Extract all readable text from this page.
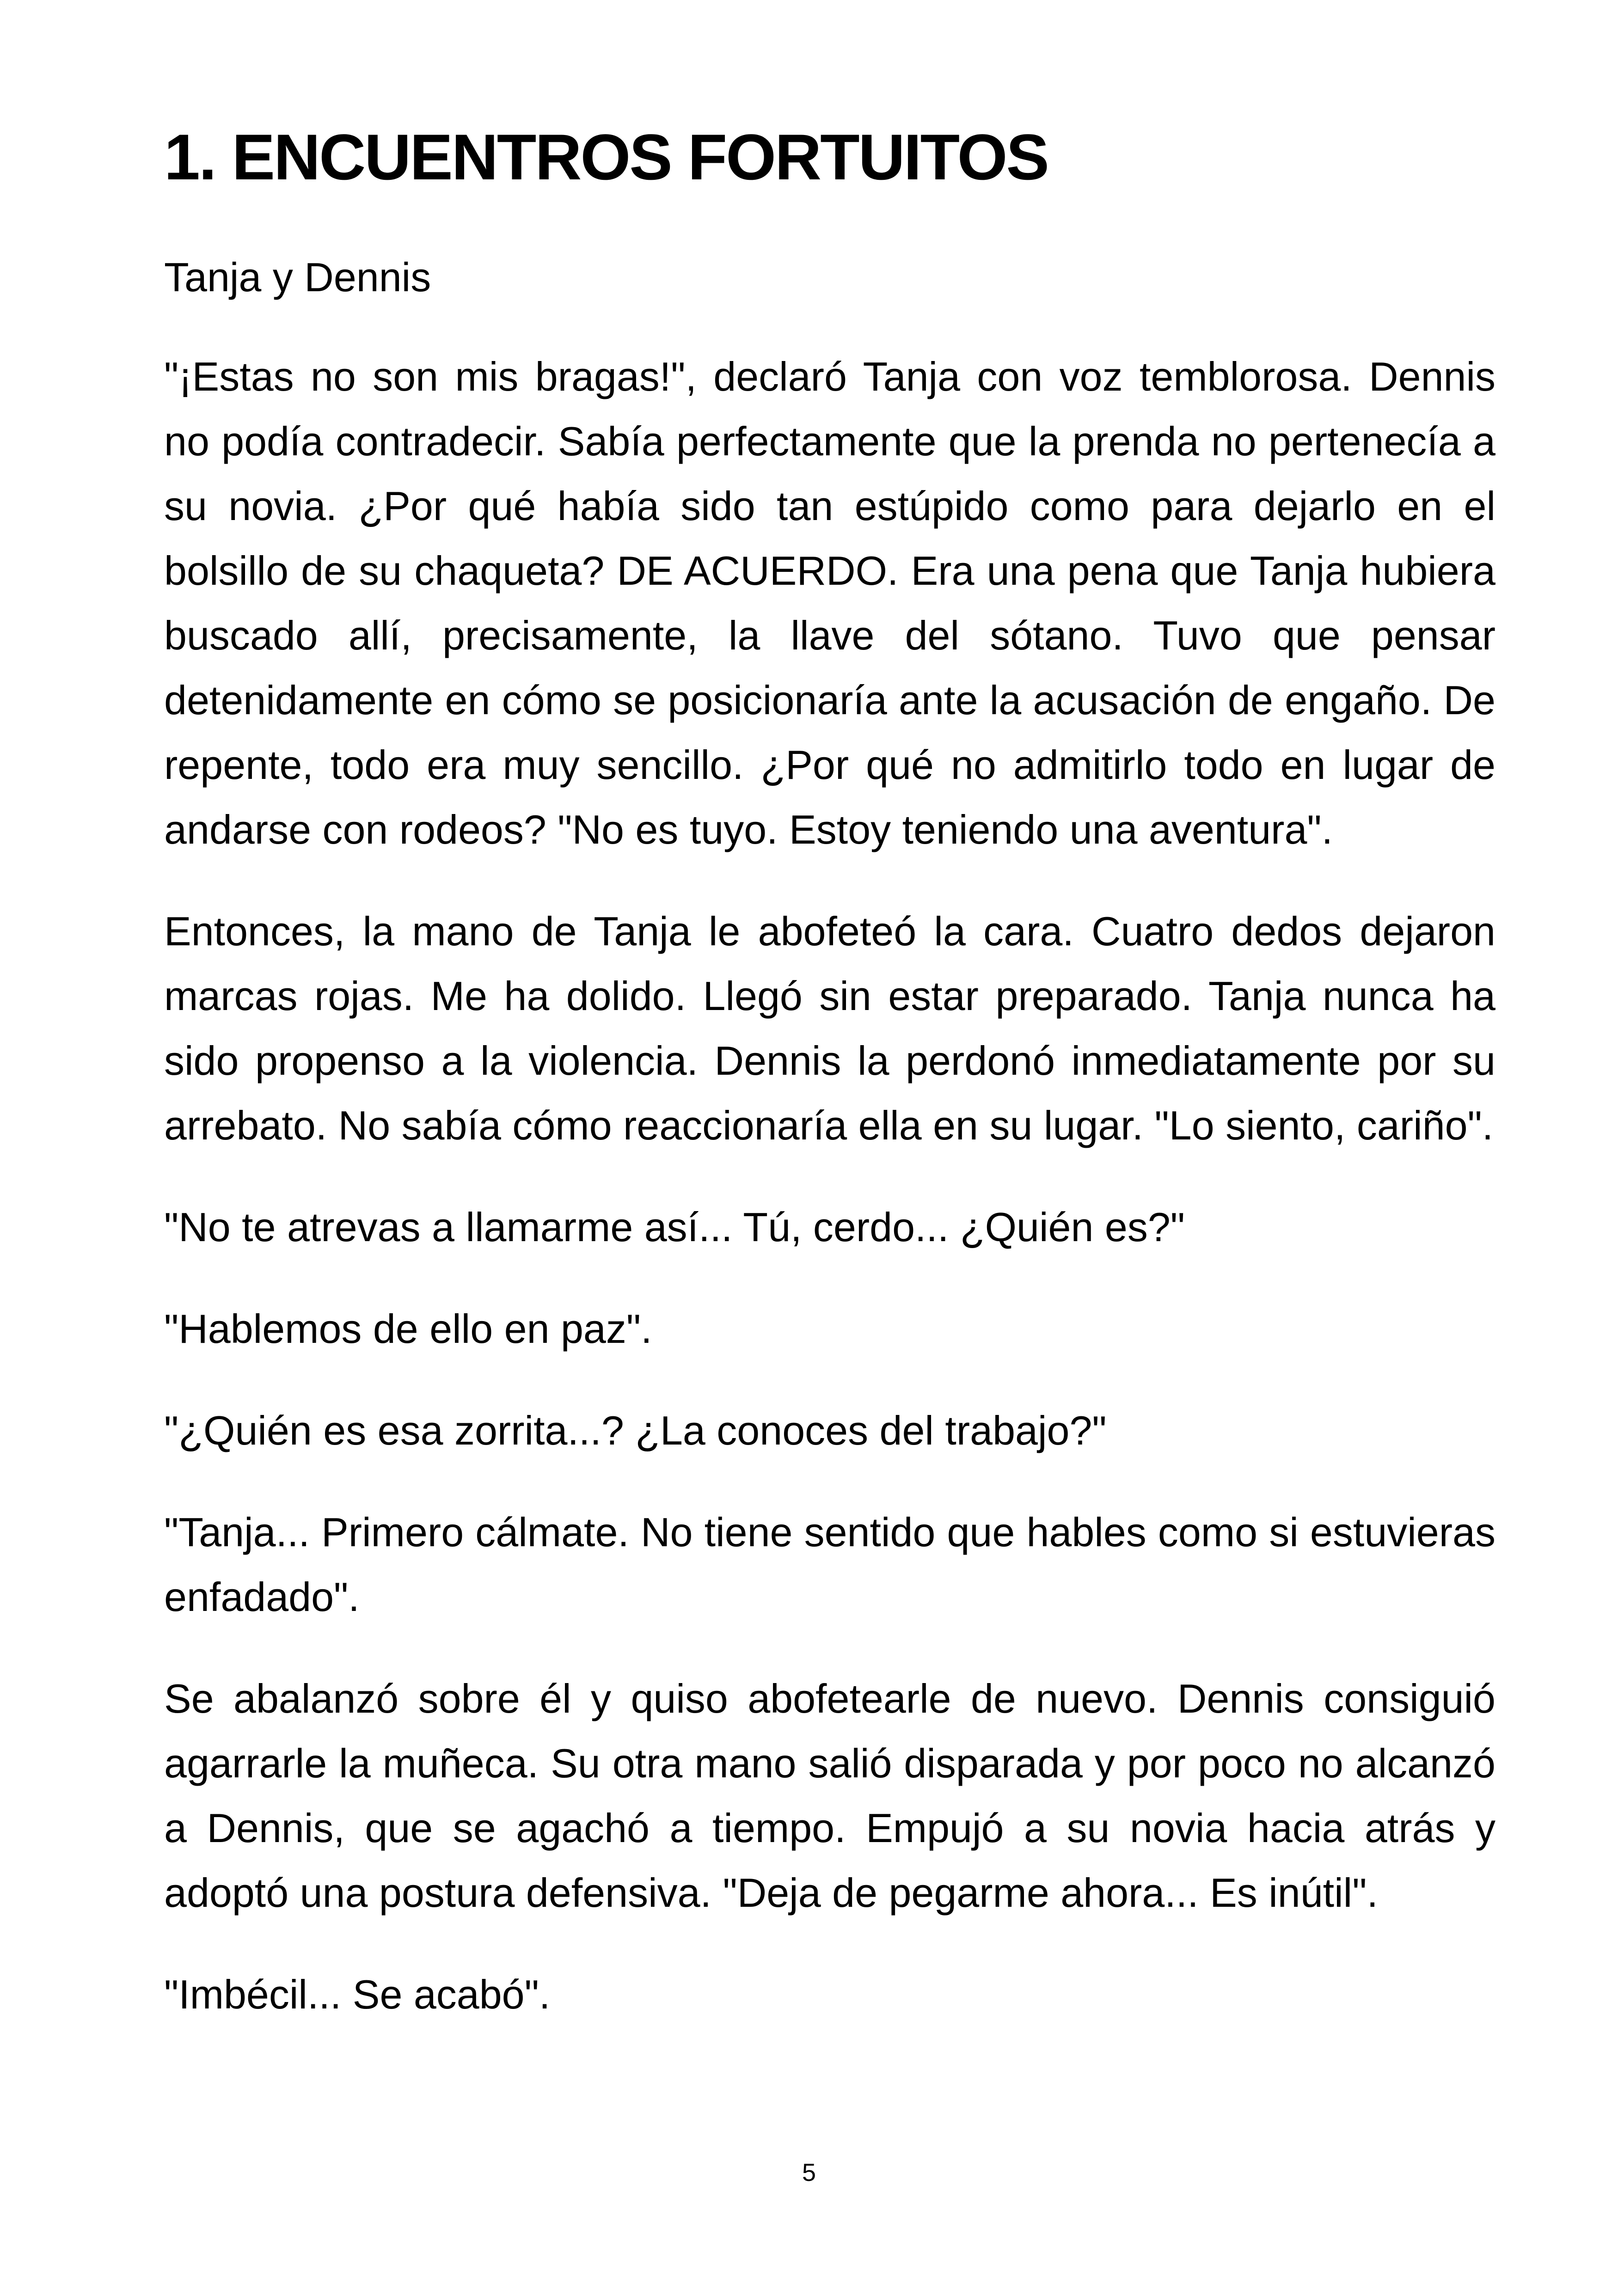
1. ENCUENTROS FORTUITOS

Tanja y Dennis

"¡Estas no son mis bragas!", declaró Tanja con voz temblorosa. Dennis no podía contradecir. Sabía perfectamente que la prenda no pertenecía a su novia. ¿Por qué había sido tan estúpido como para dejarlo en el bolsillo de su chaqueta? DE ACUERDO. Era una pena que Tanja hubiera buscado allí, precisamente, la llave del sótano. Tuvo que pensar detenidamente en cómo se posicionaría ante la acusación de engaño. De repente, todo era muy sencillo. ¿Por qué no admitirlo todo en lugar de andarse con rodeos? "No es tuyo. Estoy teniendo una aventura".

Entonces, la mano de Tanja le abofeteó la cara. Cuatro dedos dejaron marcas rojas. Me ha dolido. Llegó sin estar preparado. Tanja nunca ha sido propenso a la violencia. Dennis la perdonó inmediatamente por su arrebato. No sabía cómo reaccionaría ella en su lugar. "Lo siento, cariño".

"No te atrevas a llamarme así... Tú, cerdo... ¿Quién es?"

"Hablemos de ello en paz".

"¿Quién es esa zorrita...? ¿La conoces del trabajo?"

"Tanja... Primero cálmate. No tiene sentido que hables como si estuvieras enfadado".

Se abalanzó sobre él y quiso abofetearle de nuevo. Dennis consiguió agarrarle la muñeca. Su otra mano salió disparada y por poco no alcanzó a Dennis, que se agachó a tiempo. Empujó a su novia hacia atrás y adoptó una postura defensiva. "Deja de pegarme ahora... Es inútil".

"Imbécil... Se acabó".

5
